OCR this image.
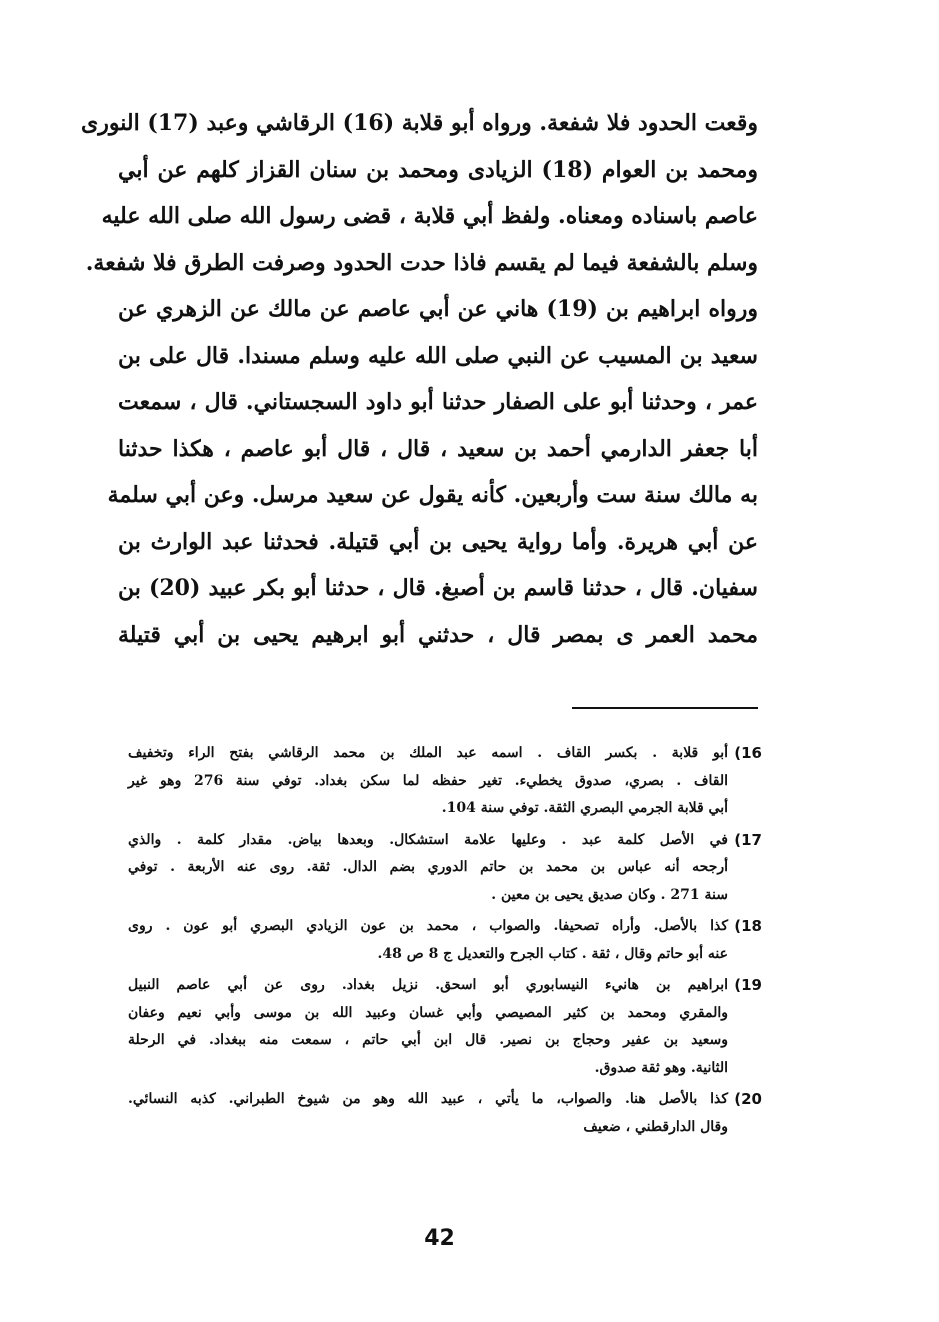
وقعت الحدود فلا شفعة. ورواه أبو قلابة (16) الرقاشي وعبد (17) النورى
ومحمد بن العوام (18) الزيادى ومحمد بن سنان القزاز كلهم عن أبي
عاصم باسناده ومعناه. ولفظ أبي قلابة ، قضى رسول الله صلى الله عليه
وسلم بالشفعة فيما لم يقسم فاذا حدت الحدود وصرفت الطرق فلا شفعة.
ورواه ابراهيم بن (19) هاني عن أبي عاصم عن مالك عن الزهري عن
سعيد بن المسيب عن النبي صلى الله عليه وسلم مسندا. قال على بن
عمر ، وحدثنا أبو على الصفار حدثنا أبو داود السجستاني. قال ، سمعت
أبا جعفر الدارمي أحمد بن سعيد ، قال ، قال أبو عاصم ، هكذا حدثنا
به مالك سنة ست وأربعين. كأنه يقول عن سعيد مرسل. وعن أبي سلمة
عن أبي هريرة. وأما رواية يحيى بن أبي قتيلة. فحدثنا عبد الوارث بن
سفيان. قال ، حدثنا قاسم بن أصبغ. قال ، حدثنا أبو بكر عبيد (20) بن
محمد العمر ى بمصر قال ، حدثني أبو ابرهيم يحيى بن أبي قتيلة
16)
أبو قلابة . بكسر القاف . اسمه عبد الملك بن محمد الرقاشي بفتح الراء وتخفيف
القاف . بصري، صدوق يخطيء. تغير حفظه لما سكن بغداد. توفي سنة 276 وهو غير
أبي قلابة الجرمي البصري الثقة. توفي سنة 104.
17)
في الأصل كلمة عبد . وعليها علامة استشكال. وبعدها بياض. مقدار كلمة . والذي
أرجحه أنه عباس بن محمد بن حاتم الدوري بضم الدال. ثقة. روى عنه الأربعة . توفي
سنة 271 . وكان صديق يحيى بن معين .
18)
كذا بالأصل. وأراه تصحيفا. والصواب ، محمد بن عون الزيادي البصري أبو عون . روى
عنه أبو حاتم وقال ، ثقة . كتاب الجرح والتعديل ج 8 ص 48.
19)
ابراهيم بن هانيء النيسابوري أبو اسحق. نزيل بغداد. روى عن أبي عاصم النبيل
والمقري ومحمد بن كثير المصيصي وأبي غسان وعبيد الله بن موسى وأبي نعيم وعفان
وسعيد بن عفير وحجاج بن نصير. قال ابن أبي حاتم ، سمعت منه ببغداد. في الرحلة
الثانية. وهو ثقة صدوق.
20)
كذا بالأصل هنا. والصواب، ما يأتي ، عبيد الله وهو من شيوخ الطبراني. كذبه النسائي.
وقال الدارقطني ، ضعيف
42
